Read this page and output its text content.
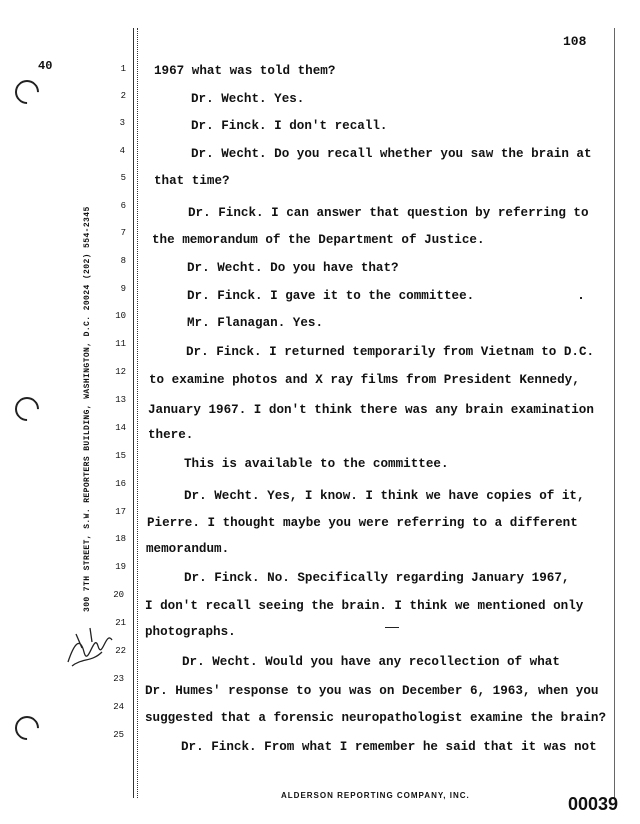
40
108
300 7TH STREET, S.W. REPORTERS BUILDING, WASHINGTON, D.C. 20024 (202) 554-2345
1
2
3
4
5
6
7
8
9
10
11
12
13
14
15
16
17
18
19
20
21
22
23
24
25
1967 what was told them?
Dr. Wecht. Yes.
Dr. Finck. I don't recall.
Dr. Wecht. Do you recall whether you saw the brain at
that time?
Dr. Finck. I can answer that question by referring to
the memorandum of the Department of Justice.
Dr. Wecht. Do you have that?
Dr. Finck. I gave it to the committee.
Mr. Flanagan. Yes.
Dr. Finck. I returned temporarily from Vietnam to D.C.
to examine photos and X ray films from President Kennedy,
January 1967. I don't think there was any brain examination
there.
This is available to the committee.
Dr. Wecht. Yes, I know. I think we have copies of it,
Pierre. I thought maybe you were referring to a different
memorandum.
Dr. Finck. No. Specifically regarding January 1967,
I don't recall seeing the brain. I think we mentioned only
photographs.
Dr. Wecht. Would you have any recollection of what
Dr. Humes' response to you was on December 6, 1963, when you
suggested that a forensic neuropathologist examine the brain?
Dr. Finck. From what I remember he said that it was not
ALDERSON REPORTING COMPANY, INC.	00039
